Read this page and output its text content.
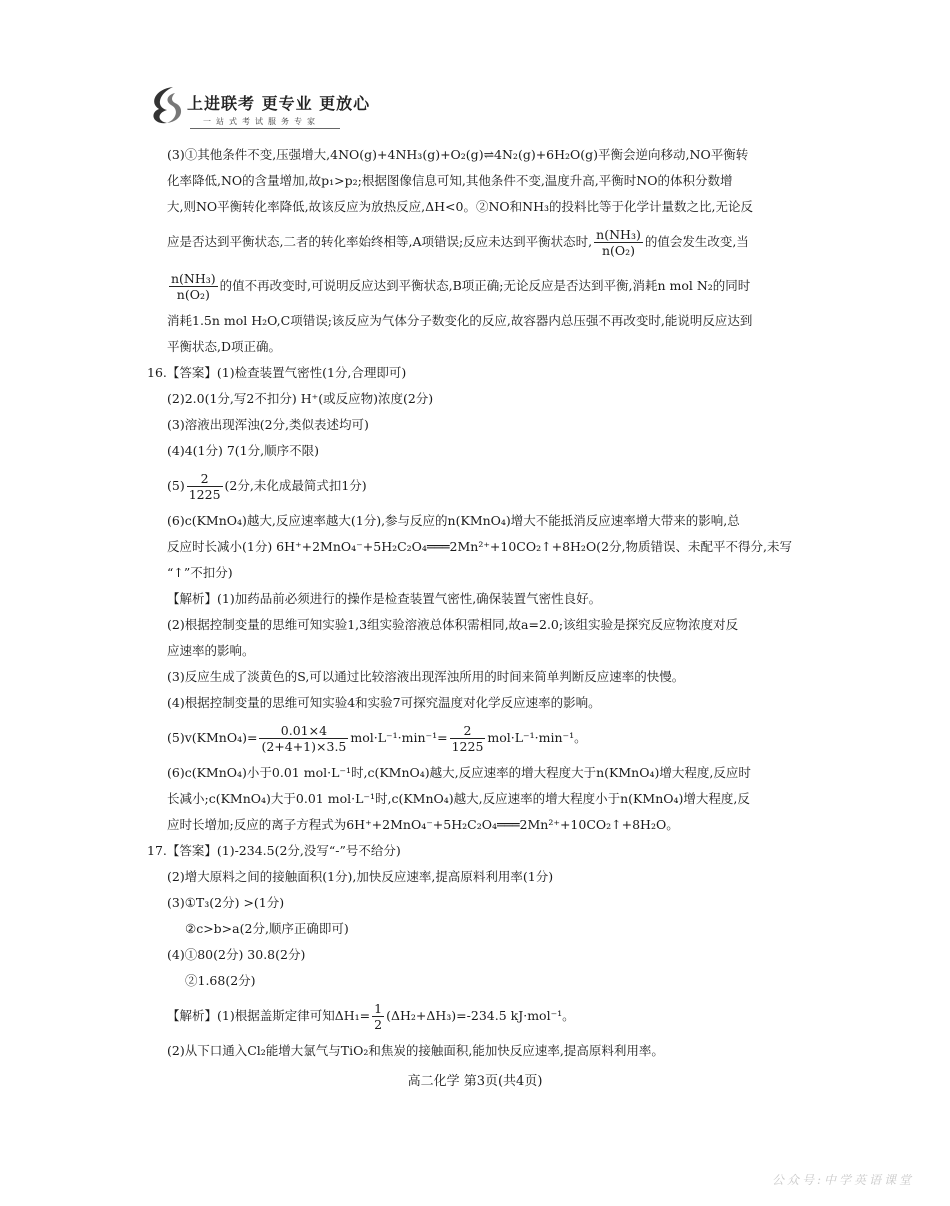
上进联考 更专业 更放心
一站式考试服务专家

(3)①其他条件不变,压强增大,4NO(g)+4NH₃(g)+O₂(g)⇌4N₂(g)+6H₂O(g)平衡会逆向移动,NO平衡转

化率降低,NO的含量增加,故p₁>p₂;根据图像信息可知,其他条件不变,温度升高,平衡时NO的体积分数增

大,则NO平衡转化率降低,故该反应为放热反应,ΔH<0。②NO和NH₃的投料比等于化学计量数之比,无论反

应是否达到平衡状态,二者的转化率始终相等,A项错误;反应未达到平衡状态时, $\frac{\text{n(NH₃)}}{\text{n(O₂)}}$ 的值会发生改变,当

$\frac{\text{n(NH₃)}}{\text{n(O₂)}}$ 的值不再改变时,可说明反应达到平衡状态,B项正确;无论反应是否达到平衡,消耗n mol N₂的同时

消耗1.5n mol H₂O,C项错误;该反应为气体分子数变化的反应,故容器内总压强不再改变时,能说明反应达到

平衡状态,D项正确。

16.【答案】(1)检查装置气密性(1分,合理即可)

(2)2.0(1分,写2不扣分) H⁺(或反应物)浓度(2分)

(3)溶液出现浑浊(2分,类似表述均可)

(4)4(1分) 7(1分,顺序不限)

$(5) \frac{2}{1225} (2$分,未化成最简式扣1分)

(6)c(KMnO₄)越大,反应速率越大(1分),参与反应的n(KMnO₄)增大不能抵消反应速率增大带来的影响,总

反应时长减小(1分) 6H⁺+2MnO₄⁻+5H₂C₂O₄═══2Mn²⁺+10CO₂↑+8H₂O(2分,物质错误、未配平不得分,未写

“↑”不扣分)

【解析】(1)加药品前必须进行的操作是检查装置气密性,确保装置气密性良好。

(2)根据控制变量的思维可知实验1,3组实验溶液总体积需相同,故a=2.0;该组实验是探究反应物浓度对反

应速率的影响。

(3)反应生成了淡黄色的S,可以通过比较溶液出现浑浊所用的时间来简单判断反应速率的快慢。

(4)根据控制变量的思维可知实验4和实验7可探究温度对化学反应速率的影响。

(5)v(KMnO₄)= $\frac{0.01\times 4}{(2+4+1)\times 3.5} mol\cdot L^{-1}\cdot\min^{-1}= \frac{2}{1225} mol\cdot L^{-1}\cdot\min^{-1}$。

(6)c(KMnO₄)小于0.01 mol·L⁻¹时,c(KMnO₄)越大,反应速率的增大程度大于n(KMnO₄)增大程度,反应时

长减小;c(KMnO₄)大于0.01 mol·L⁻¹时,c(KMnO₄)越大,反应速率的增大程度小于n(KMnO₄)增大程度,反

应时长增加;反应的离子方程式为6H⁺+2MnO₄⁻+5H₂C₂O₄═══2Mn²⁺+10CO₂↑+8H₂O。

17.【答案】(1)-234.5(2分,没写“-”号不给分)

(2)增大原料之间的接触面积(1分),加快反应速率,提高原料利用率(1分)

(3)①T₃(2分) >(1分)

②c>b>a(2分,顺序正确即可)

(4)①80(2分) 30.8(2分)

②1.68(2分)

【解析】(1)根据盖斯定律可知$\Delta H_1= \frac{1}{2} (\Delta H_2+\Delta H_3)=-234.5$ kJ·mol⁻¹。

(2)从下口通入Cl₂能增大氯气与TiO₂和焦炭的接触面积,能加快反应速率,提高原料利用率。

高二化学 第3页(共4页)
公众号:中学英语课堂
